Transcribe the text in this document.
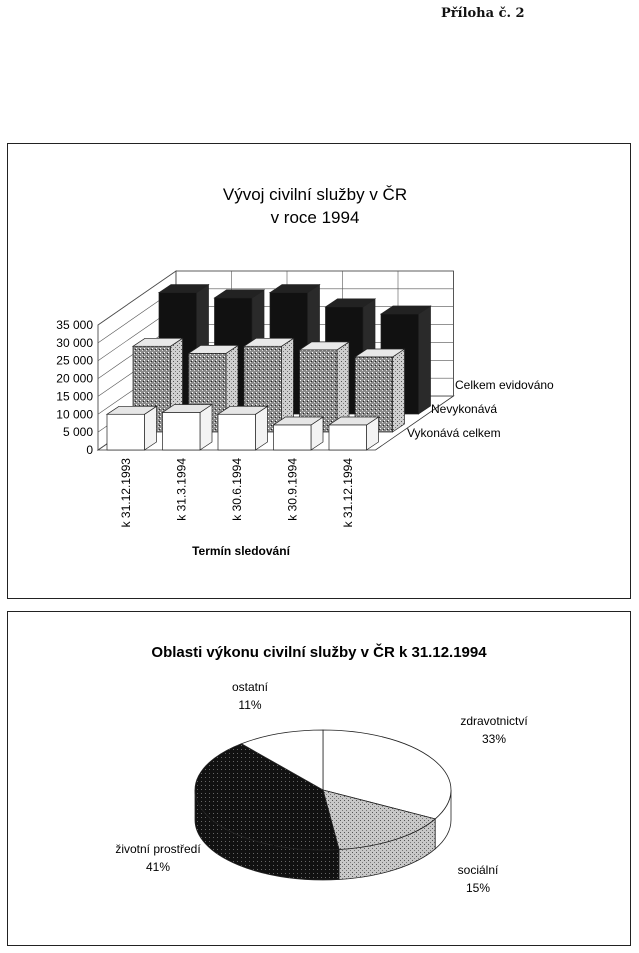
Příloha č. 2
Vývoj civilní služby v ČR
v roce 1994
35 000
30 000
25 000
20 000
15 000
10 000
5 000
0
k 31.12.1993	k 31.3.1994	k 30.6.1994	k 30.9.1994	k 31.12.1994
Celkem evidováno
Nevykonává
Vykonává celkem
Termín sledování
Oblasti výkonu civilní služby v ČR k 31.12.1994
zdravotnictví
33%
sociální
15%
životní prostředí
41%
ostatní
11%
